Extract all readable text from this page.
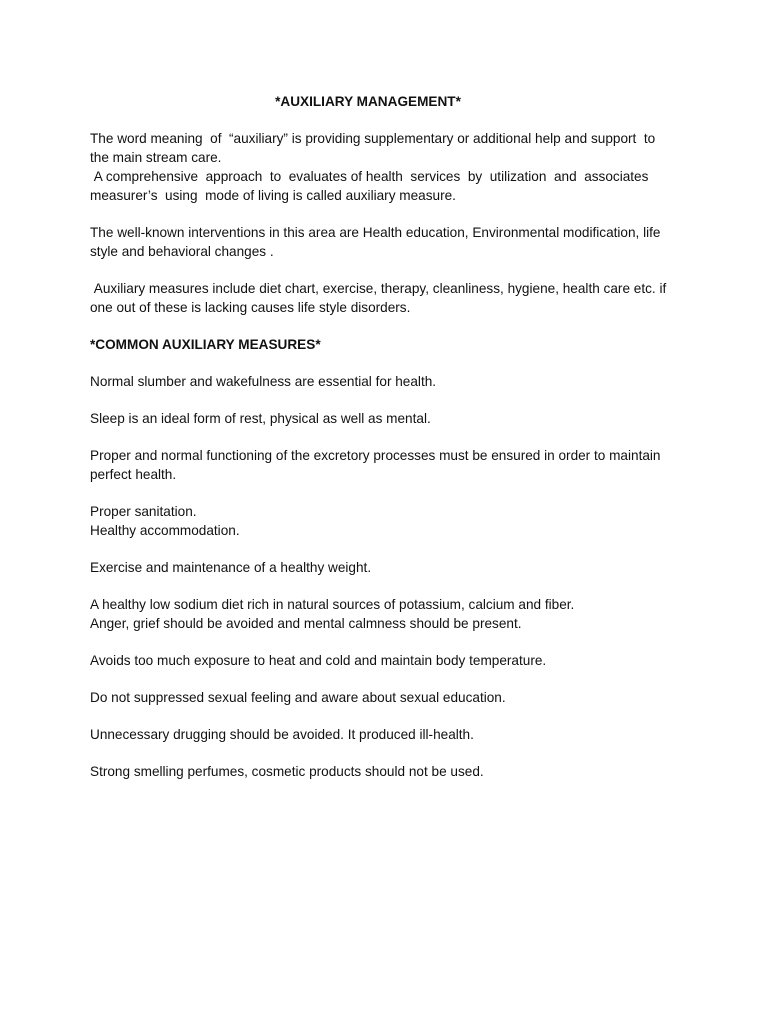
*AUXILIARY MANAGEMENT*
The word meaning  of  “auxiliary” is providing supplementary or additional help and support  to
the main stream care.
A comprehensive  approach  to  evaluates of health  services  by  utilization  and  associates
measurer’s  using  mode of living is called auxiliary measure.
The well-known interventions in this area are Health education, Environmental modification, life
style and behavioral changes .
Auxiliary measures include diet chart, exercise, therapy, cleanliness, hygiene, health care etc. if
one out of these is lacking causes life style disorders.
*COMMON AUXILIARY MEASURES*
Normal slumber and wakefulness are essential for health.
Sleep is an ideal form of rest, physical as well as mental.
Proper and normal functioning of the excretory processes must be ensured in order to maintain
perfect health.
Proper sanitation.
Healthy accommodation.
Exercise and maintenance of a healthy weight.
A healthy low sodium diet rich in natural sources of potassium, calcium and fiber.
Anger, grief should be avoided and mental calmness should be present.
Avoids too much exposure to heat and cold and maintain body temperature.
Do not suppressed sexual feeling and aware about sexual education.
Unnecessary drugging should be avoided. It produced ill-health.
Strong smelling perfumes, cosmetic products should not be used.
